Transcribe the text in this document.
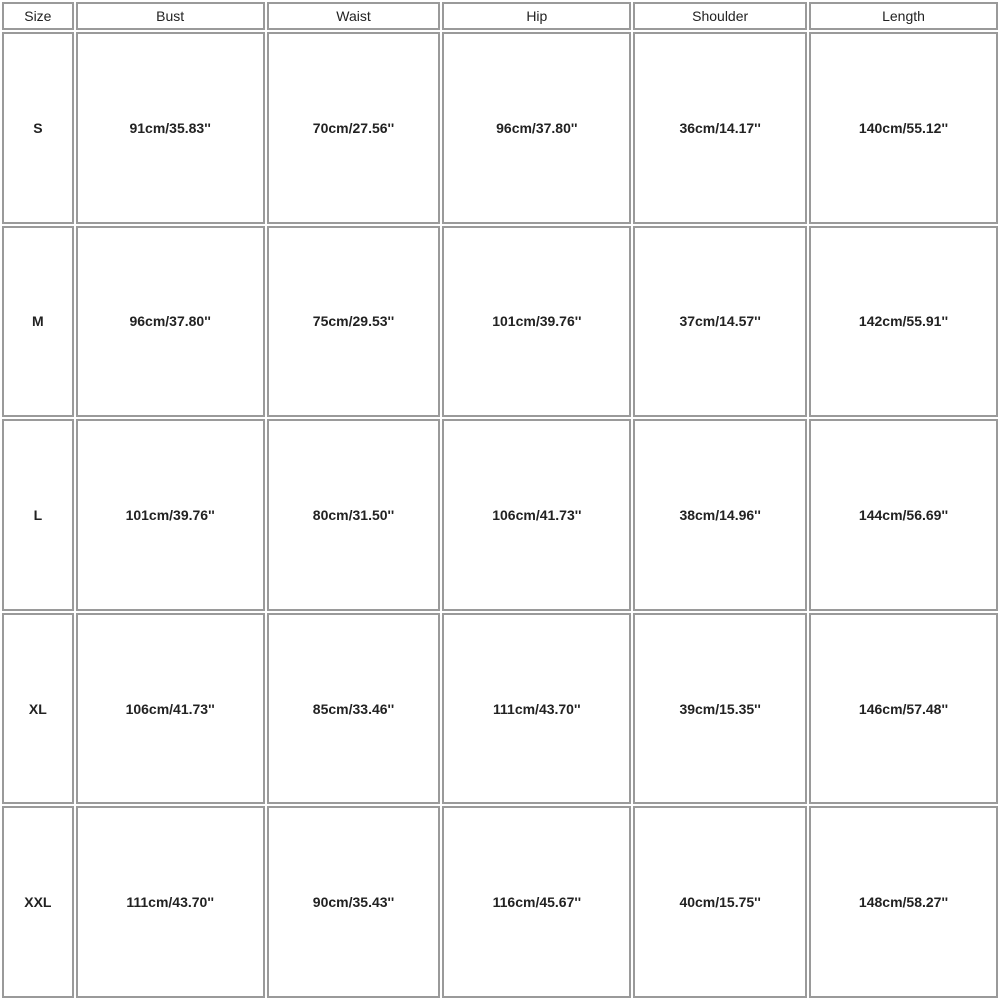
Size	Bust	Waist	Hip	Shoulder	Length
S	91cm/35.83''	70cm/27.56''	96cm/37.80''	36cm/14.17''	140cm/55.12''
M	96cm/37.80''	75cm/29.53''	101cm/39.76''	37cm/14.57''	142cm/55.91''
L	101cm/39.76''	80cm/31.50''	106cm/41.73''	38cm/14.96''	144cm/56.69''
XL	106cm/41.73''	85cm/33.46''	111cm/43.70''	39cm/15.35''	146cm/57.48''
XXL	111cm/43.70''	90cm/35.43''	116cm/45.67''	40cm/15.75''	148cm/58.27''
